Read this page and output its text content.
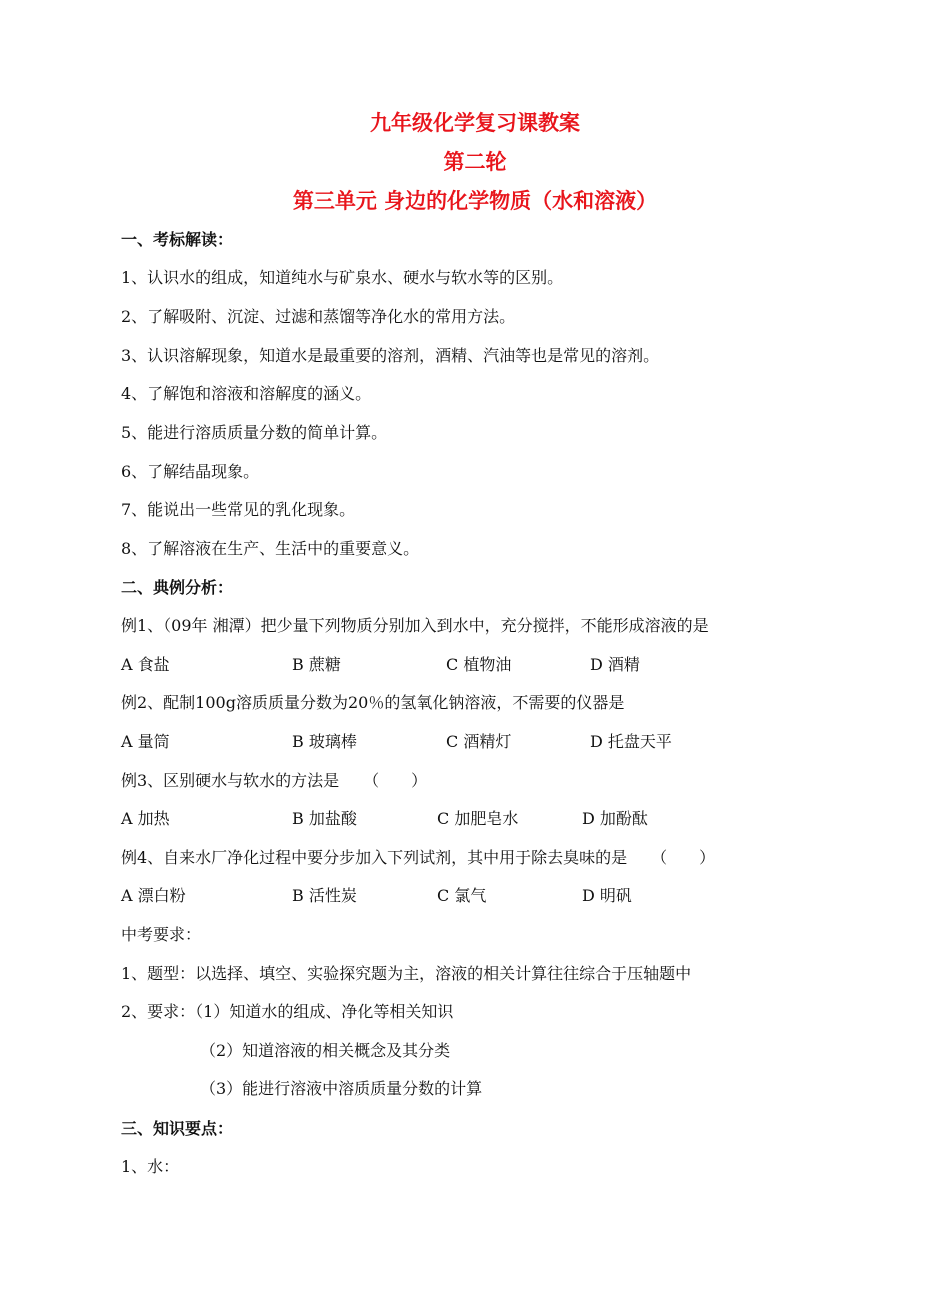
九年级化学复习课教案
第二轮
第三单元 身边的化学物质（水和溶液）
一、考标解读：
1、认识水的组成，知道纯水与矿泉水、硬水与软水等的区别。
2、了解吸附、沉淀、过滤和蒸馏等净化水的常用方法。
3、认识溶解现象，知道水是最重要的溶剂，酒精、汽油等也是常见的溶剂。
4、了解饱和溶液和溶解度的涵义。
5、能进行溶质质量分数的简单计算。
6、了解结晶现象。
7、能说出一些常见的乳化现象。
8、了解溶液在生产、生活中的重要意义。
二、典例分析：
例1、（09年 湘潭）把少量下列物质分别加入到水中，充分搅拌，不能形成溶液的是
A 食盐	B 蔗糖	C 植物油	D 酒精
例2、配制100g溶质质量分数为20％的氢氧化钠溶液，不需要的仪器是
A 量筒	B 玻璃棒	C 酒精灯	D 托盘天平
例3、区别硬水与软水的方法是　　（　　）
A 加热	B 加盐酸	C 加肥皂水	D 加酚酞
例4、自来水厂净化过程中要分步加入下列试剂，其中用于除去臭味的是　　（　　）
A 漂白粉	B 活性炭	C 氯气	D 明矾
中考要求：
1、题型：以选择、填空、实验探究题为主，溶液的相关计算往往综合于压轴题中
2、要求：（1）知道水的组成、净化等相关知识
（2）知道溶液的相关概念及其分类
（3）能进行溶液中溶质质量分数的计算
三、知识要点：
1、水：
